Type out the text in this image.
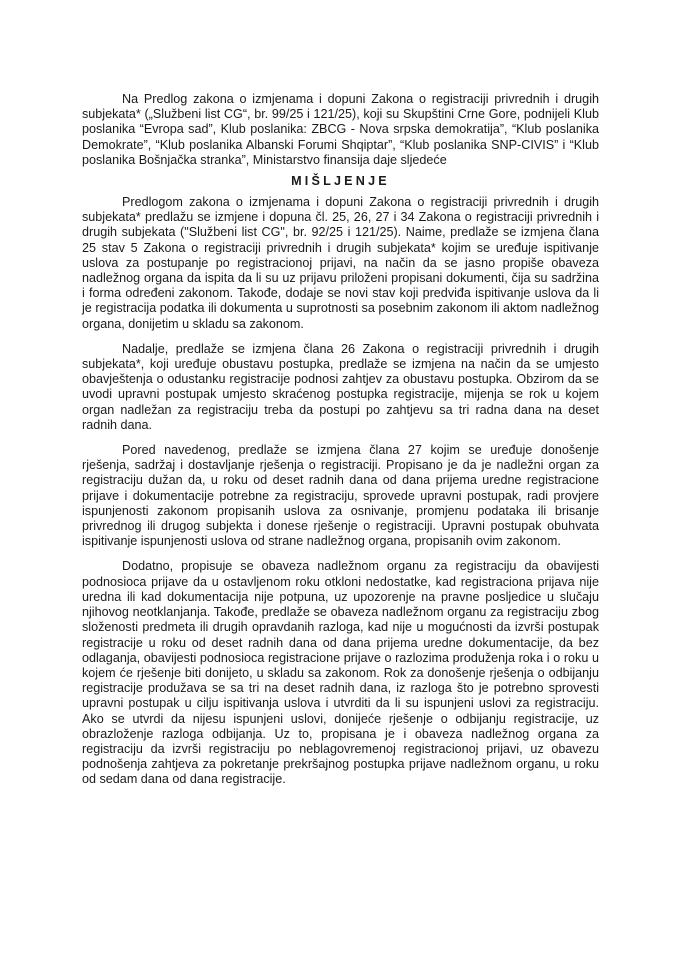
Na Predlog zakona o izmjenama i dopuni Zakona o registraciji privrednih i drugih subjekata* („Službeni list CG“, br. 99/25 i 121/25), koji su Skupštini Crne Gore, podnijeli Klub poslanika “Evropa sad”, Klub poslanika: ZBCG - Nova srpska demokratija”, “Klub poslanika Demokrate”, “Klub poslanika Albanski Forumi Shqiptar”, “Klub poslanika SNP-CIVIS” i “Klub poslanika Bošnjačka stranka”, Ministarstvo finansija daje sljedeće

MIŠLJENJE

Predlogom zakona o izmjenama i dopuni Zakona o registraciji privrednih i drugih subjekata* predlažu se izmjene i dopuna čl. 25, 26, 27 i 34 Zakona o registraciji privrednih i drugih subjekata ("Službeni list CG", br. 92/25 i 121/25). Naime, predlaže se izmjena člana 25 stav 5 Zakona o registraciji privrednih i drugih subjekata* kojim se uređuje ispitivanje uslova za postupanje po registracionoj prijavi, na način da se jasno propiše obaveza nadležnog organa da ispita da li su uz prijavu priloženi propisani dokumenti, čija su sadržina i forma određeni zakonom. Takođe, dodaje se novi stav koji predviđa ispitivanje uslova da li je registracija podatka ili dokumenta u suprotnosti sa posebnim zakonom ili aktom nadležnog organa, donijetim u skladu sa zakonom.

Nadalje, predlaže se izmjena člana 26 Zakona o registraciji privrednih i drugih subjekata*, koji uređuje obustavu postupka, predlaže se izmjena na način da se umjesto obavještenja o odustanku registracije podnosi zahtjev za obustavu postupka. Obzirom da se uvodi upravni postupak umjesto skraćenog postupka registracije, mijenja se rok u kojem organ nadležan za registraciju treba da postupi po zahtjevu sa tri radna dana na deset radnih dana.

Pored navedenog, predlaže se izmjena člana 27 kojim se uređuje donošenje rješenja, sadržaj i dostavljanje rješenja o registraciji. Propisano je da je nadležni organ za registraciju dužan da, u roku od deset radnih dana od dana prijema uredne registracione prijave i dokumentacije potrebne za registraciju, sprovede upravni postupak, radi provjere ispunjenosti zakonom propisanih uslova za osnivanje, promjenu podataka ili brisanje privrednog ili drugog subjekta i donese rješenje o registraciji. Upravni postupak obuhvata ispitivanje ispunjenosti uslova od strane nadležnog organa, propisanih ovim zakonom.

Dodatno, propisuje se obaveza nadležnom organu za registraciju da obavijesti podnosioca prijave da u ostavljenom roku otkloni nedostatke, kad registraciona prijava nije uredna ili kad dokumentacija nije potpuna, uz upozorenje na pravne posljedice u slučaju njihovog neotklanjanja. Takođe, predlaže se obaveza nadležnom organu za registraciju zbog složenosti predmeta ili drugih opravdanih razloga, kad nije u mogućnosti da izvrši postupak registracije u roku od deset radnih dana od dana prijema uredne dokumentacije, da bez odlaganja, obavijesti podnosioca registracione prijave o razlozima produženja roka i o roku u kojem će rješenje biti donijeto, u skladu sa zakonom. Rok za donošenje rješenja o odbijanju registracije produžava se sa tri na deset radnih dana, iz razloga što je potrebno sprovesti upravni postupak u cilju ispitivanja uslova i utvrditi da li su ispunjeni uslovi za registraciju. Ako se utvrdi da nijesu ispunjeni uslovi, donijeće rješenje o odbijanju registracije, uz obrazloženje razloga odbijanja. Uz to, propisana je i obaveza nadležnog organa za registraciju da izvrši registraciju po neblagovremenoj registracionoj prijavi, uz obavezu podnošenja zahtjeva za pokretanje prekršajnog postupka prijave nadležnom organu, u roku od sedam dana od dana registracije.
